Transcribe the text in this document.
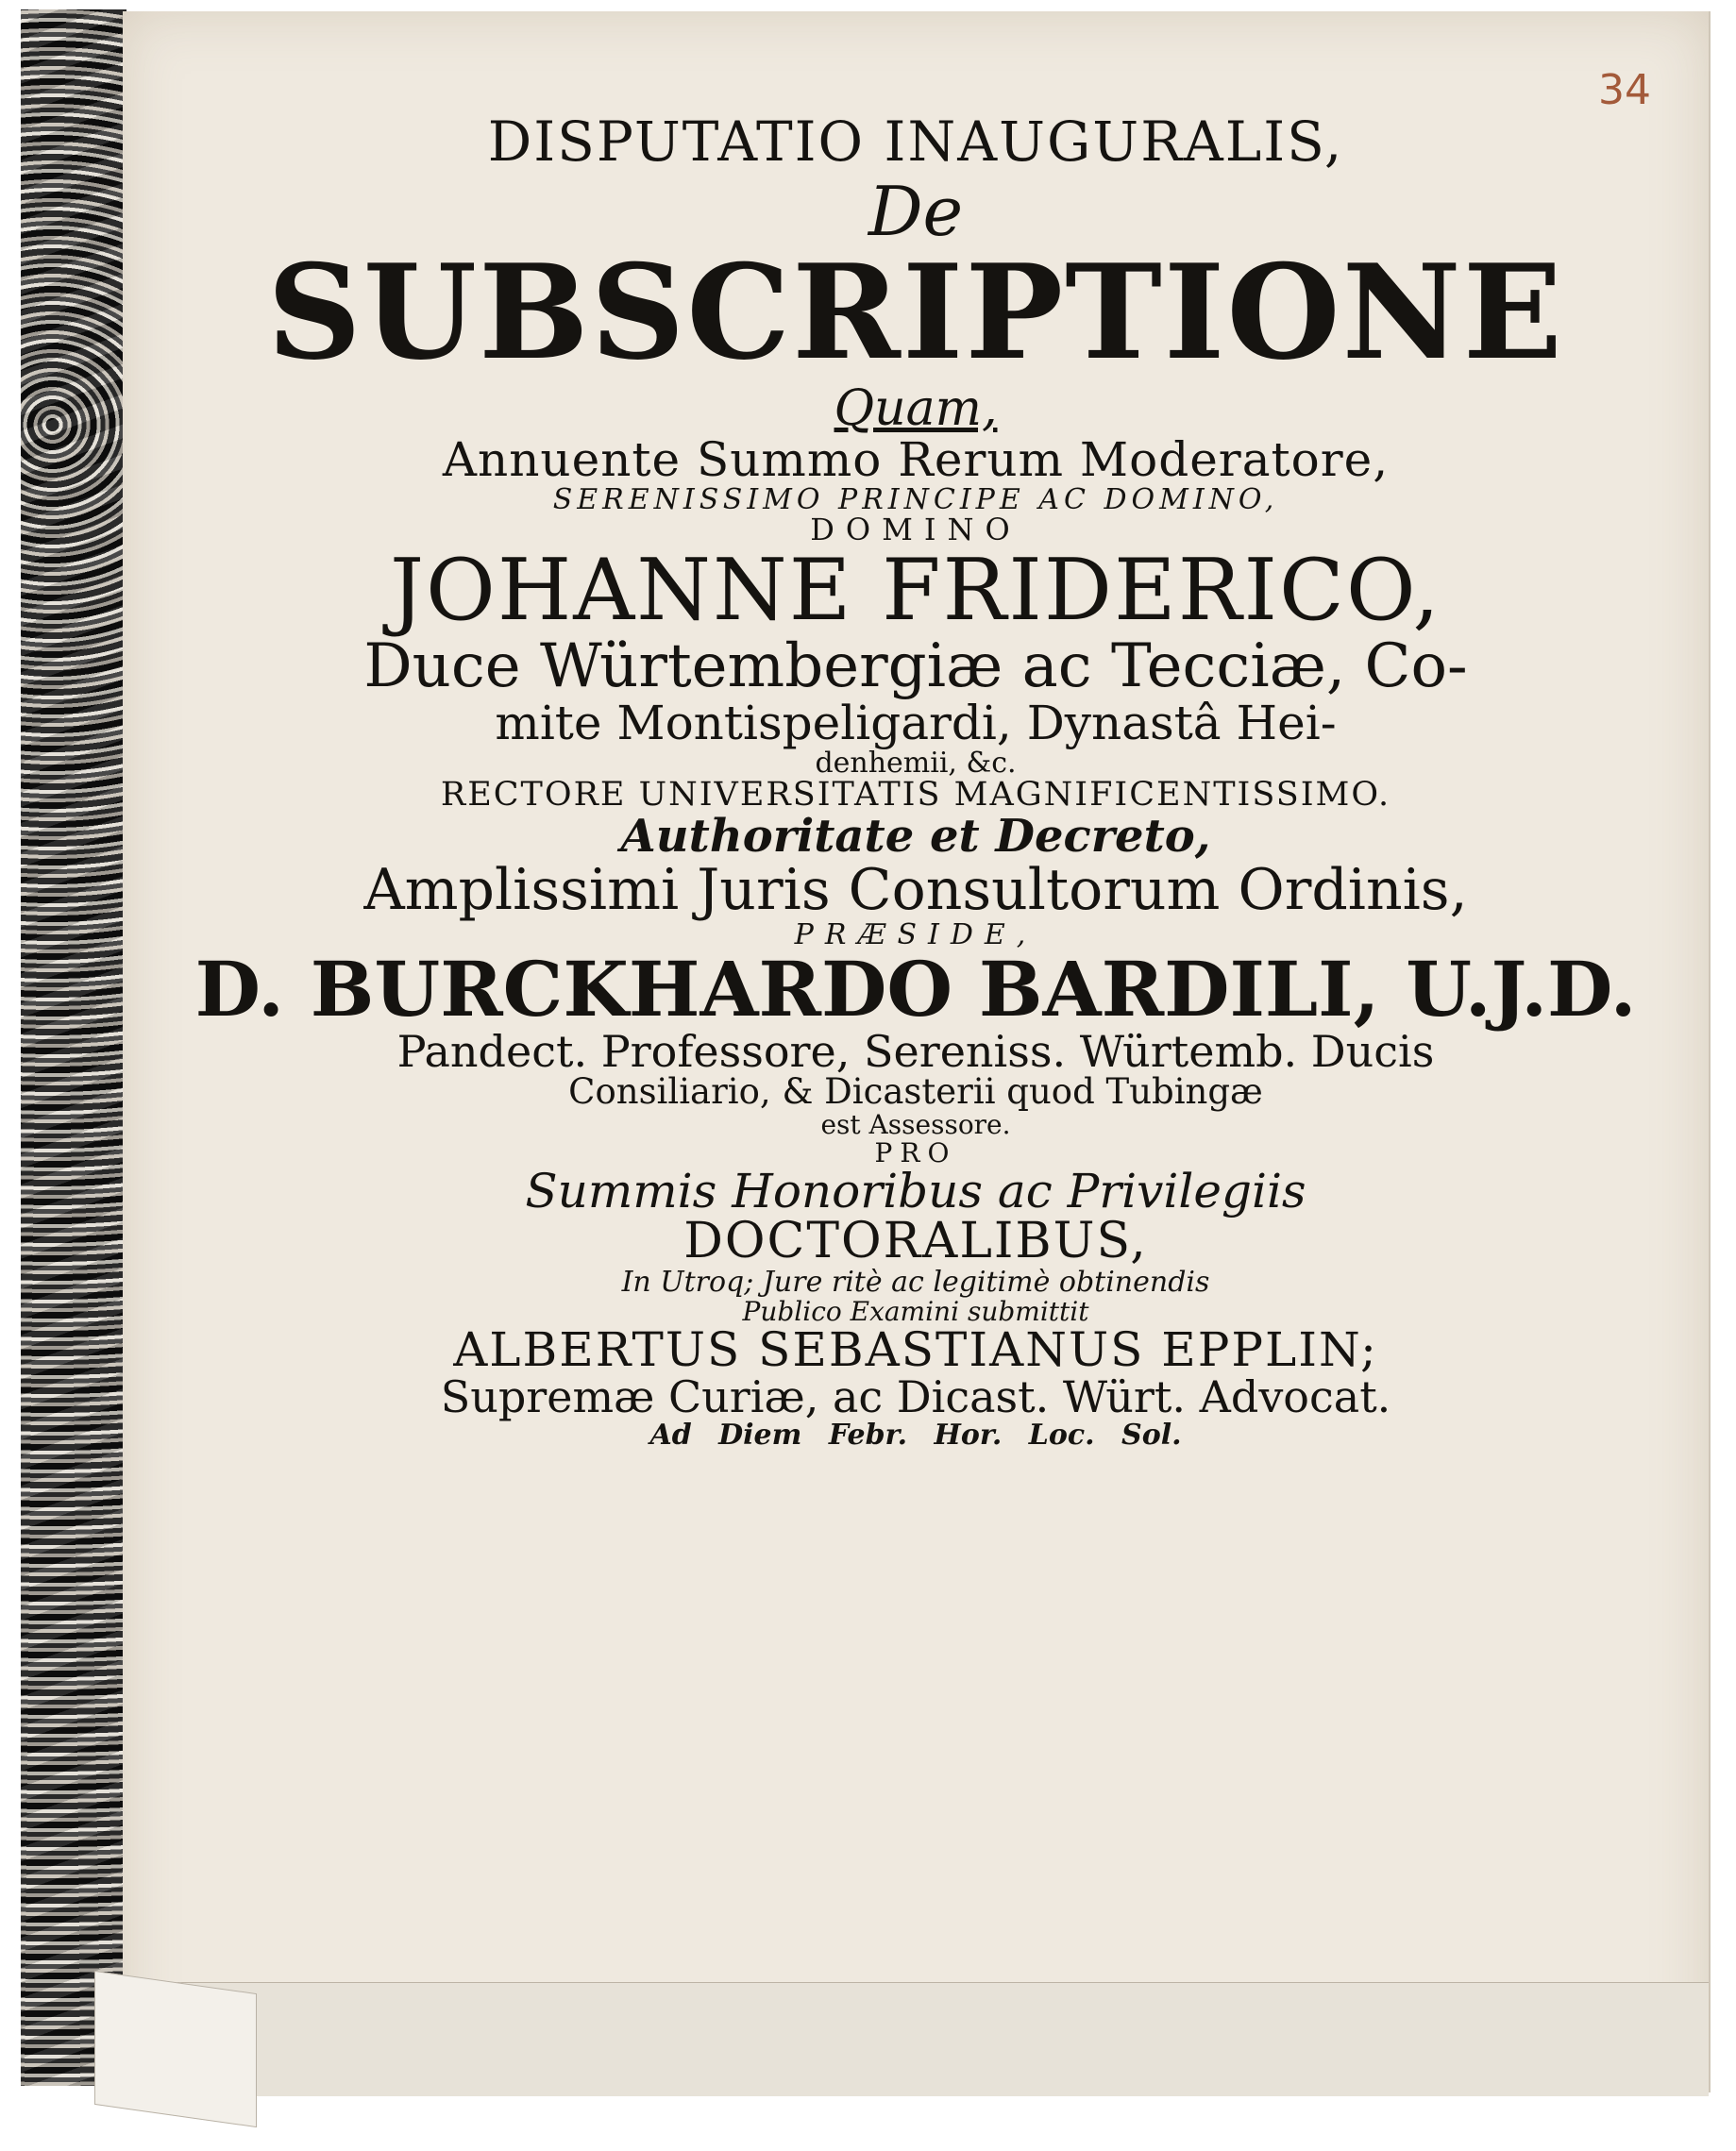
34
DISPUTATIO INAUGURALIS,
De
SUBSCRIPTIONE
Quam,
Annuente Summo Rerum Moderatore,
SERENISSIMO PRINCIPE AC DOMINO,
DOMINO
JOHANNE FRIDERICO,
Duce Würtembergiæ ac Tecciæ, Co-
mite Montispeligardi, Dynastâ Hei-
denhemii, &c.
RECTORE UNIVERSITATIS MAGNIFICENTISSIMO.
Authoritate et Decreto,
Amplissimi Juris Consultorum Ordinis,
PRÆSIDE,
D. BURCKHARDO BARDILI, U.J.D.
Pandect. Professore, Sereniss. Würtemb. Ducis
Consiliario, & Dicasterii quod Tubingæ
est Assessore.
PRO
Summis Honoribus ac Privilegiis
DOCTORALIBUS,
In Utroq; Jure ritè ac legitimè obtinendis
Publico Examini submittit
ALBERTUS SEBASTIANUS EPPLIN;
Supremæ Curiæ, ac Dicast. Würt. Advocat.
Ad Diem Febr. Hor. Loc. Sol.
